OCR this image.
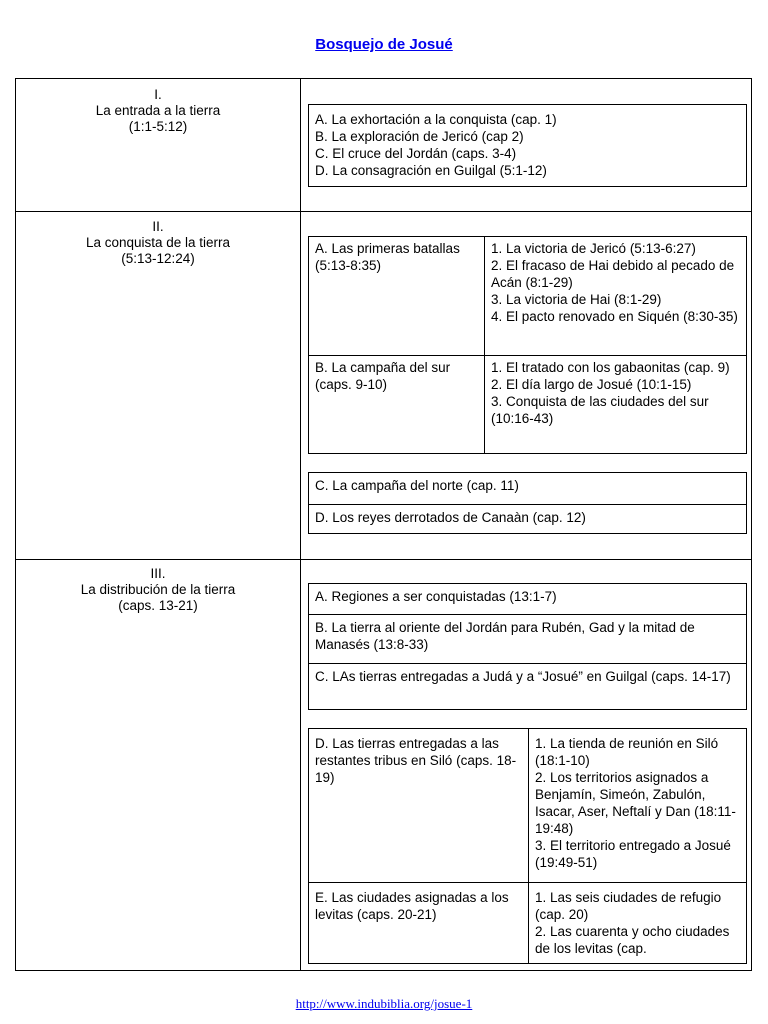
Bosquejo de Josué
I.
La entrada a la tierra
(1:1-5:12)	A. La exhortación a la conquista (cap. 1)
B. La exploración de Jericó (cap 2)
C. El cruce del Jordán (caps. 3-4)
D. La consagración en Guilgal (5:1-12)
II.
La conquista de la tierra
(5:13-12:24)
A. Las primeras batallas (5:13-8:35)
1. La victoria de Jericó (5:13-6:27)
2. El fracaso de Hai debido al pecado de Acán (8:1-29)
3. La victoria de Hai (8:1-29)
4. El pacto renovado en Siquén (8:30-35)
B. La campaña del sur (caps. 9-10)
1. El tratado con los gabaonitas (cap. 9)
2. El día largo de Josué (10:1-15)
3. Conquista de las ciudades del sur (10:16-43)
C. La campaña del norte (cap. 11)
D. Los reyes derrotados de Canaàn (cap. 12)
III.
La distribución de la tierra
(caps. 13-21)
A. Regiones a ser conquistadas (13:1-7)
B. La tierra al oriente del Jordán para Rubén, Gad y la mitad de Manasés (13:8-33)
C. LAs tierras entregadas a Judá y a “Josué” en Guilgal (caps. 14-17)
D. Las tierras entregadas a las restantes tribus en Siló (caps. 18-19)
1. La tienda de reunión en Siló (18:1-10)
2. Los territorios asignados a Benjamín, Simeón, Zabulón, Isacar, Aser, Neftalí y Dan (18:11-19:48)
3. El territorio entregado a Josué (19:49-51)
E. Las ciudades asignadas a los levitas (caps. 20-21)
1. Las seis ciudades de refugio (cap. 20)
2. Las cuarenta y ocho ciudades de los levitas (cap.
http://www.indubiblia.org/josue-1
